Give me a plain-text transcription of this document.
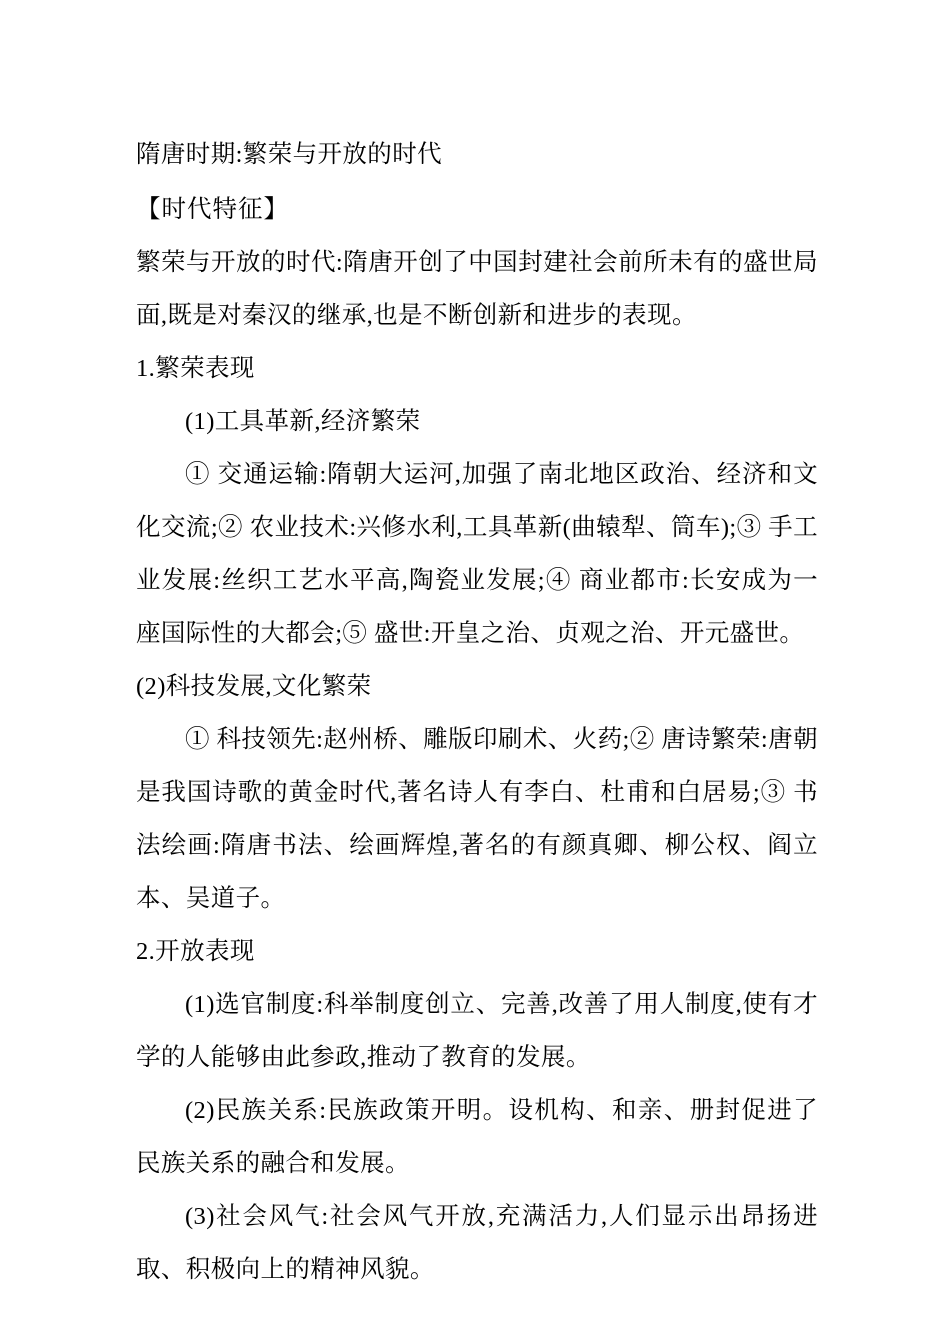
隋唐时期:繁荣与开放的时代

【时代特征】

繁荣与开放的时代:隋唐开创了中国封建社会前所未有的盛世局面,既是对秦汉的继承,也是不断创新和进步的表现。

1.繁荣表现

(1)工具革新,经济繁荣

① 交通运输:隋朝大运河,加强了南北地区政治、经济和文化交流;② 农业技术:兴修水利,工具革新(曲辕犁、筒车);③ 手工业发展:丝织工艺水平高,陶瓷业发展;④ 商业都市:长安成为一座国际性的大都会;⑤ 盛世:开皇之治、贞观之治、开元盛世。

(2)科技发展,文化繁荣

① 科技领先:赵州桥、雕版印刷术、火药;② 唐诗繁荣:唐朝是我国诗歌的黄金时代,著名诗人有李白、杜甫和白居易;③ 书法绘画:隋唐书法、绘画辉煌,著名的有颜真卿、柳公权、阎立本、吴道子。

2.开放表现

(1)选官制度:科举制度创立、完善,改善了用人制度,使有才学的人能够由此参政,推动了教育的发展。

(2)民族关系:民族政策开明。设机构、和亲、册封促进了民族关系的融合和发展。

(3)社会风气:社会风气开放,充满活力,人们显示出昂扬进取、积极向上的精神风貌。
